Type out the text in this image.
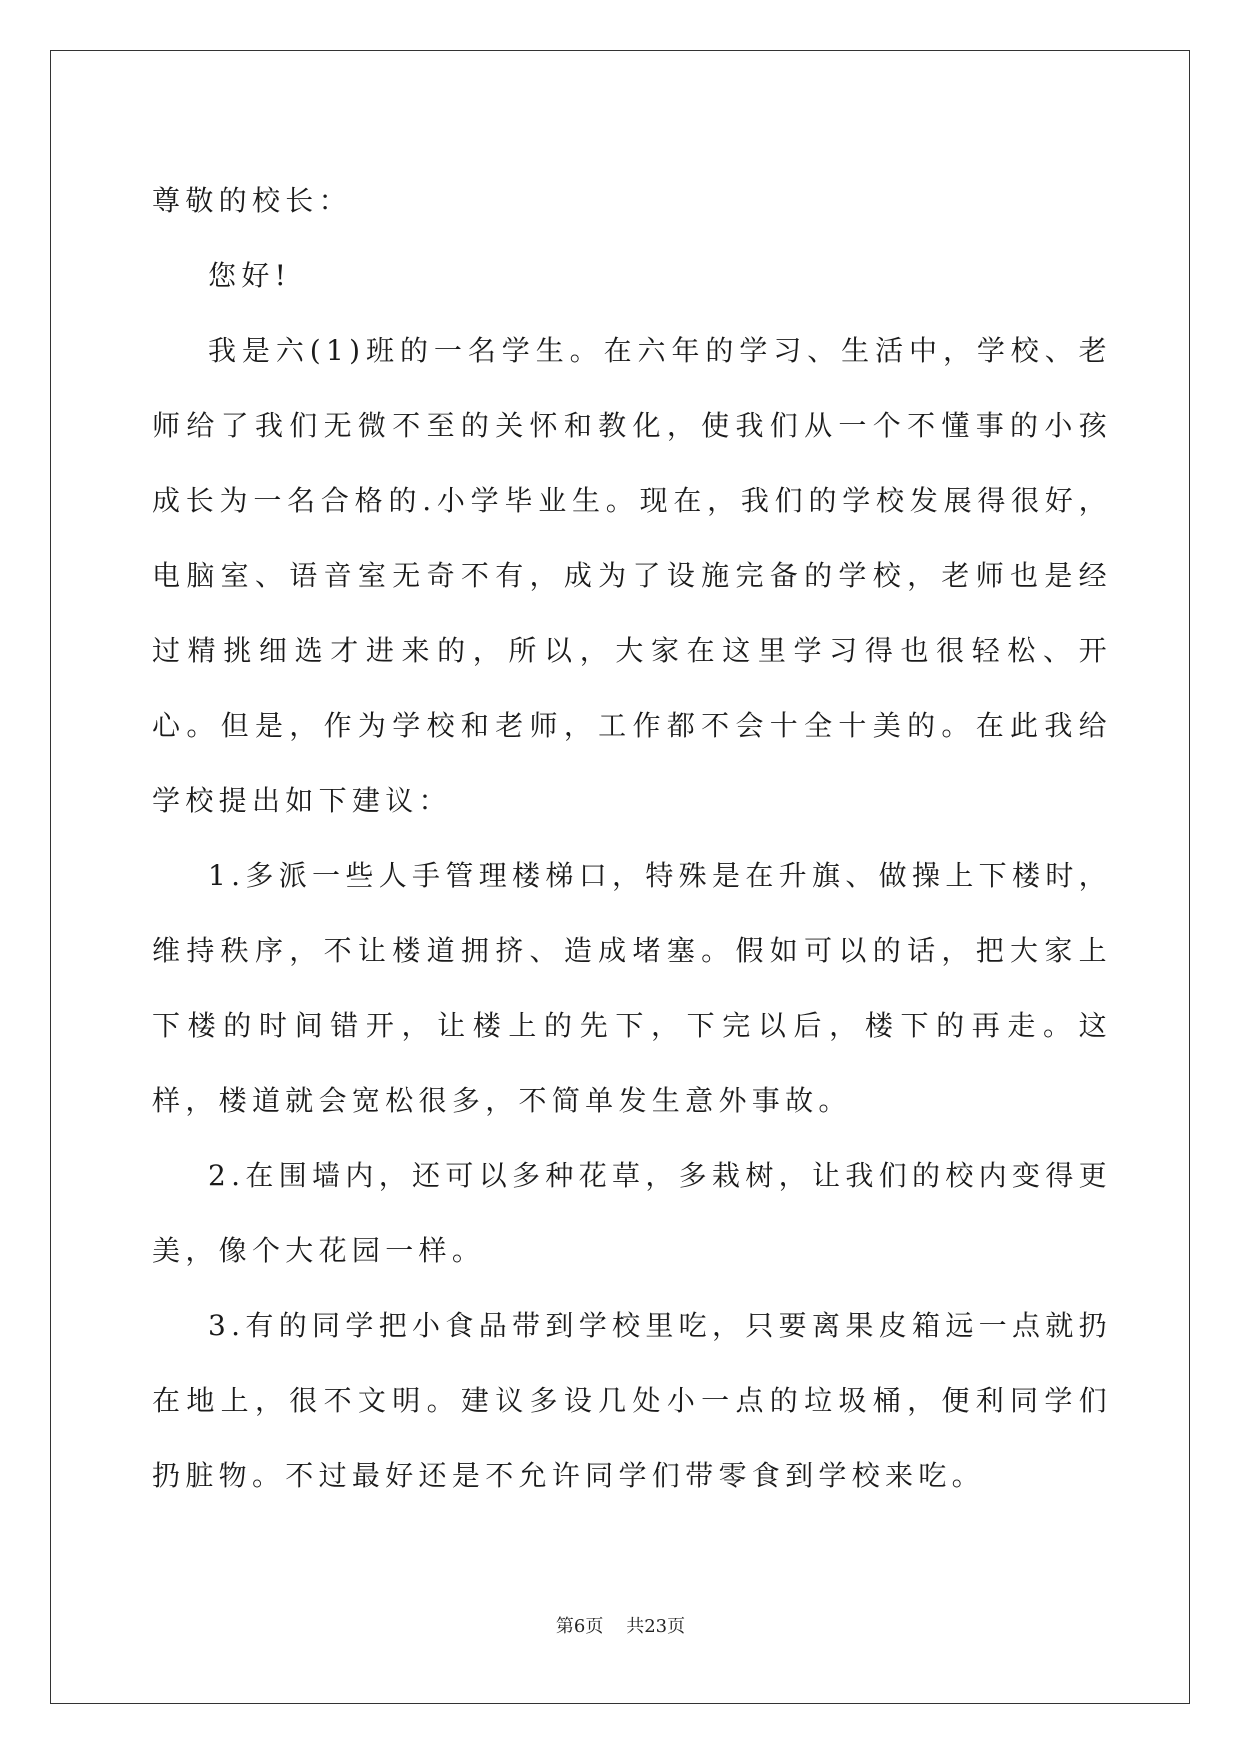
尊敬的校长：

您好!

我是六(1)班的一名学生。在六年的学习、生活中，学校、老师给了我们无微不至的关怀和教化，使我们从一个不懂事的小孩成长为一名合格的.小学毕业生。现在，我们的学校发展得很好，电脑室、语音室无奇不有，成为了设施完备的学校，老师也是经过精挑细选才进来的，所以，大家在这里学习得也很轻松、开心。但是，作为学校和老师，工作都不会十全十美的。在此我给学校提出如下建议：

1.多派一些人手管理楼梯口，特殊是在升旗、做操上下楼时，维持秩序，不让楼道拥挤、造成堵塞。假如可以的话，把大家上下楼的时间错开，让楼上的先下，下完以后，楼下的再走。这样，楼道就会宽松很多，不简单发生意外事故。

2.在围墙内，还可以多种花草，多栽树，让我们的校内变得更美，像个大花园一样。

3.有的同学把小食品带到学校里吃，只要离果皮箱远一点就扔在地上，很不文明。建议多设几处小一点的垃圾桶，便利同学们扔脏物。不过最好还是不允许同学们带零食到学校来吃。

第6页 共23页
